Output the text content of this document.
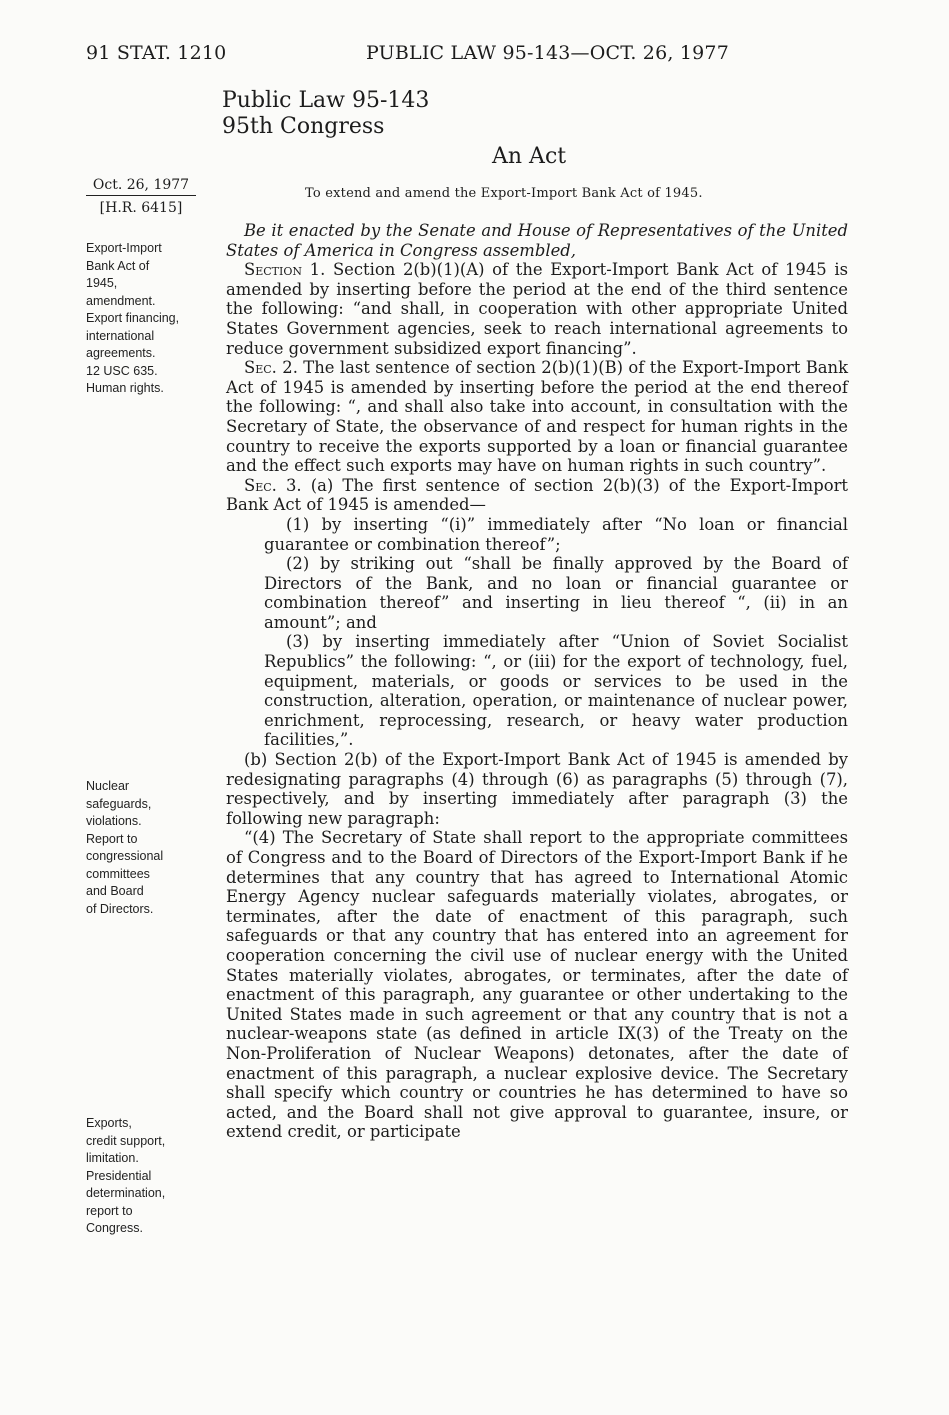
91 STAT. 1210	PUBLIC LAW 95-143—OCT. 26, 1977
Public Law 95-143
95th Congress
An Act
To extend and amend the Export-Import Bank Act of 1945.
Oct. 26, 1977
[H.R. 6415]
Export-Import
Bank Act of
1945,
amendment.
Export financing,
international
agreements.
12 USC 635.
Human rights.
Nuclear
safeguards,
violations.
Report to
congressional
committees
and Board
of Directors.
Exports,
credit support,
limitation.
Presidential
determination,
report to
Congress.

Be it enacted by the Senate and House of Representatives of the United States of America in Congress assembled,

Section 1. Section 2(b)(1)(A) of the Export-Import Bank Act of 1945 is amended by inserting before the period at the end of the third sentence the following: “and shall, in cooperation with other appropriate United States Government agencies, seek to reach international agreements to reduce government subsidized export financing”.

Sec. 2. The last sentence of section 2(b)(1)(B) of the Export-Import Bank Act of 1945 is amended by inserting before the period at the end thereof the following: “, and shall also take into account, in consultation with the Secretary of State, the observance of and respect for human rights in the country to receive the exports supported by a loan or financial guarantee and the effect such exports may have on human rights in such country”.

Sec. 3. (a) The first sentence of section 2(b)(3) of the Export-Import Bank Act of 1945 is amended—

(1) by inserting “(i)” immediately after “No loan or financial guarantee or combination thereof”;

(2) by striking out “shall be finally approved by the Board of Directors of the Bank, and no loan or financial guarantee or combination thereof” and inserting in lieu thereof “, (ii) in an amount”; and

(3) by inserting immediately after “Union of Soviet Socialist Republics” the following: “, or (iii) for the export of technology, fuel, equipment, materials, or goods or services to be used in the construction, alteration, operation, or maintenance of nuclear power, enrichment, reprocessing, research, or heavy water production facilities,”.

(b) Section 2(b) of the Export-Import Bank Act of 1945 is amended by redesignating paragraphs (4) through (6) as paragraphs (5) through (7), respectively, and by inserting immediately after paragraph (3) the following new paragraph:

“(4) The Secretary of State shall report to the appropriate committees of Congress and to the Board of Directors of the Export-Import Bank if he determines that any country that has agreed to International Atomic Energy Agency nuclear safeguards materially violates, abrogates, or terminates, after the date of enactment of this paragraph, such safeguards or that any country that has entered into an agreement for cooperation concerning the civil use of nuclear energy with the United States materially violates, abrogates, or terminates, after the date of enactment of this paragraph, any guarantee or other undertaking to the United States made in such agreement or that any country that is not a nuclear-weapons state (as defined in article IX(3) of the Treaty on the Non-Proliferation of Nuclear Weapons) detonates, after the date of enactment of this paragraph, a nuclear explosive device. The Secretary shall specify which country or countries he has determined to have so acted, and the Board shall not give approval to guarantee, insure, or extend credit, or participate
